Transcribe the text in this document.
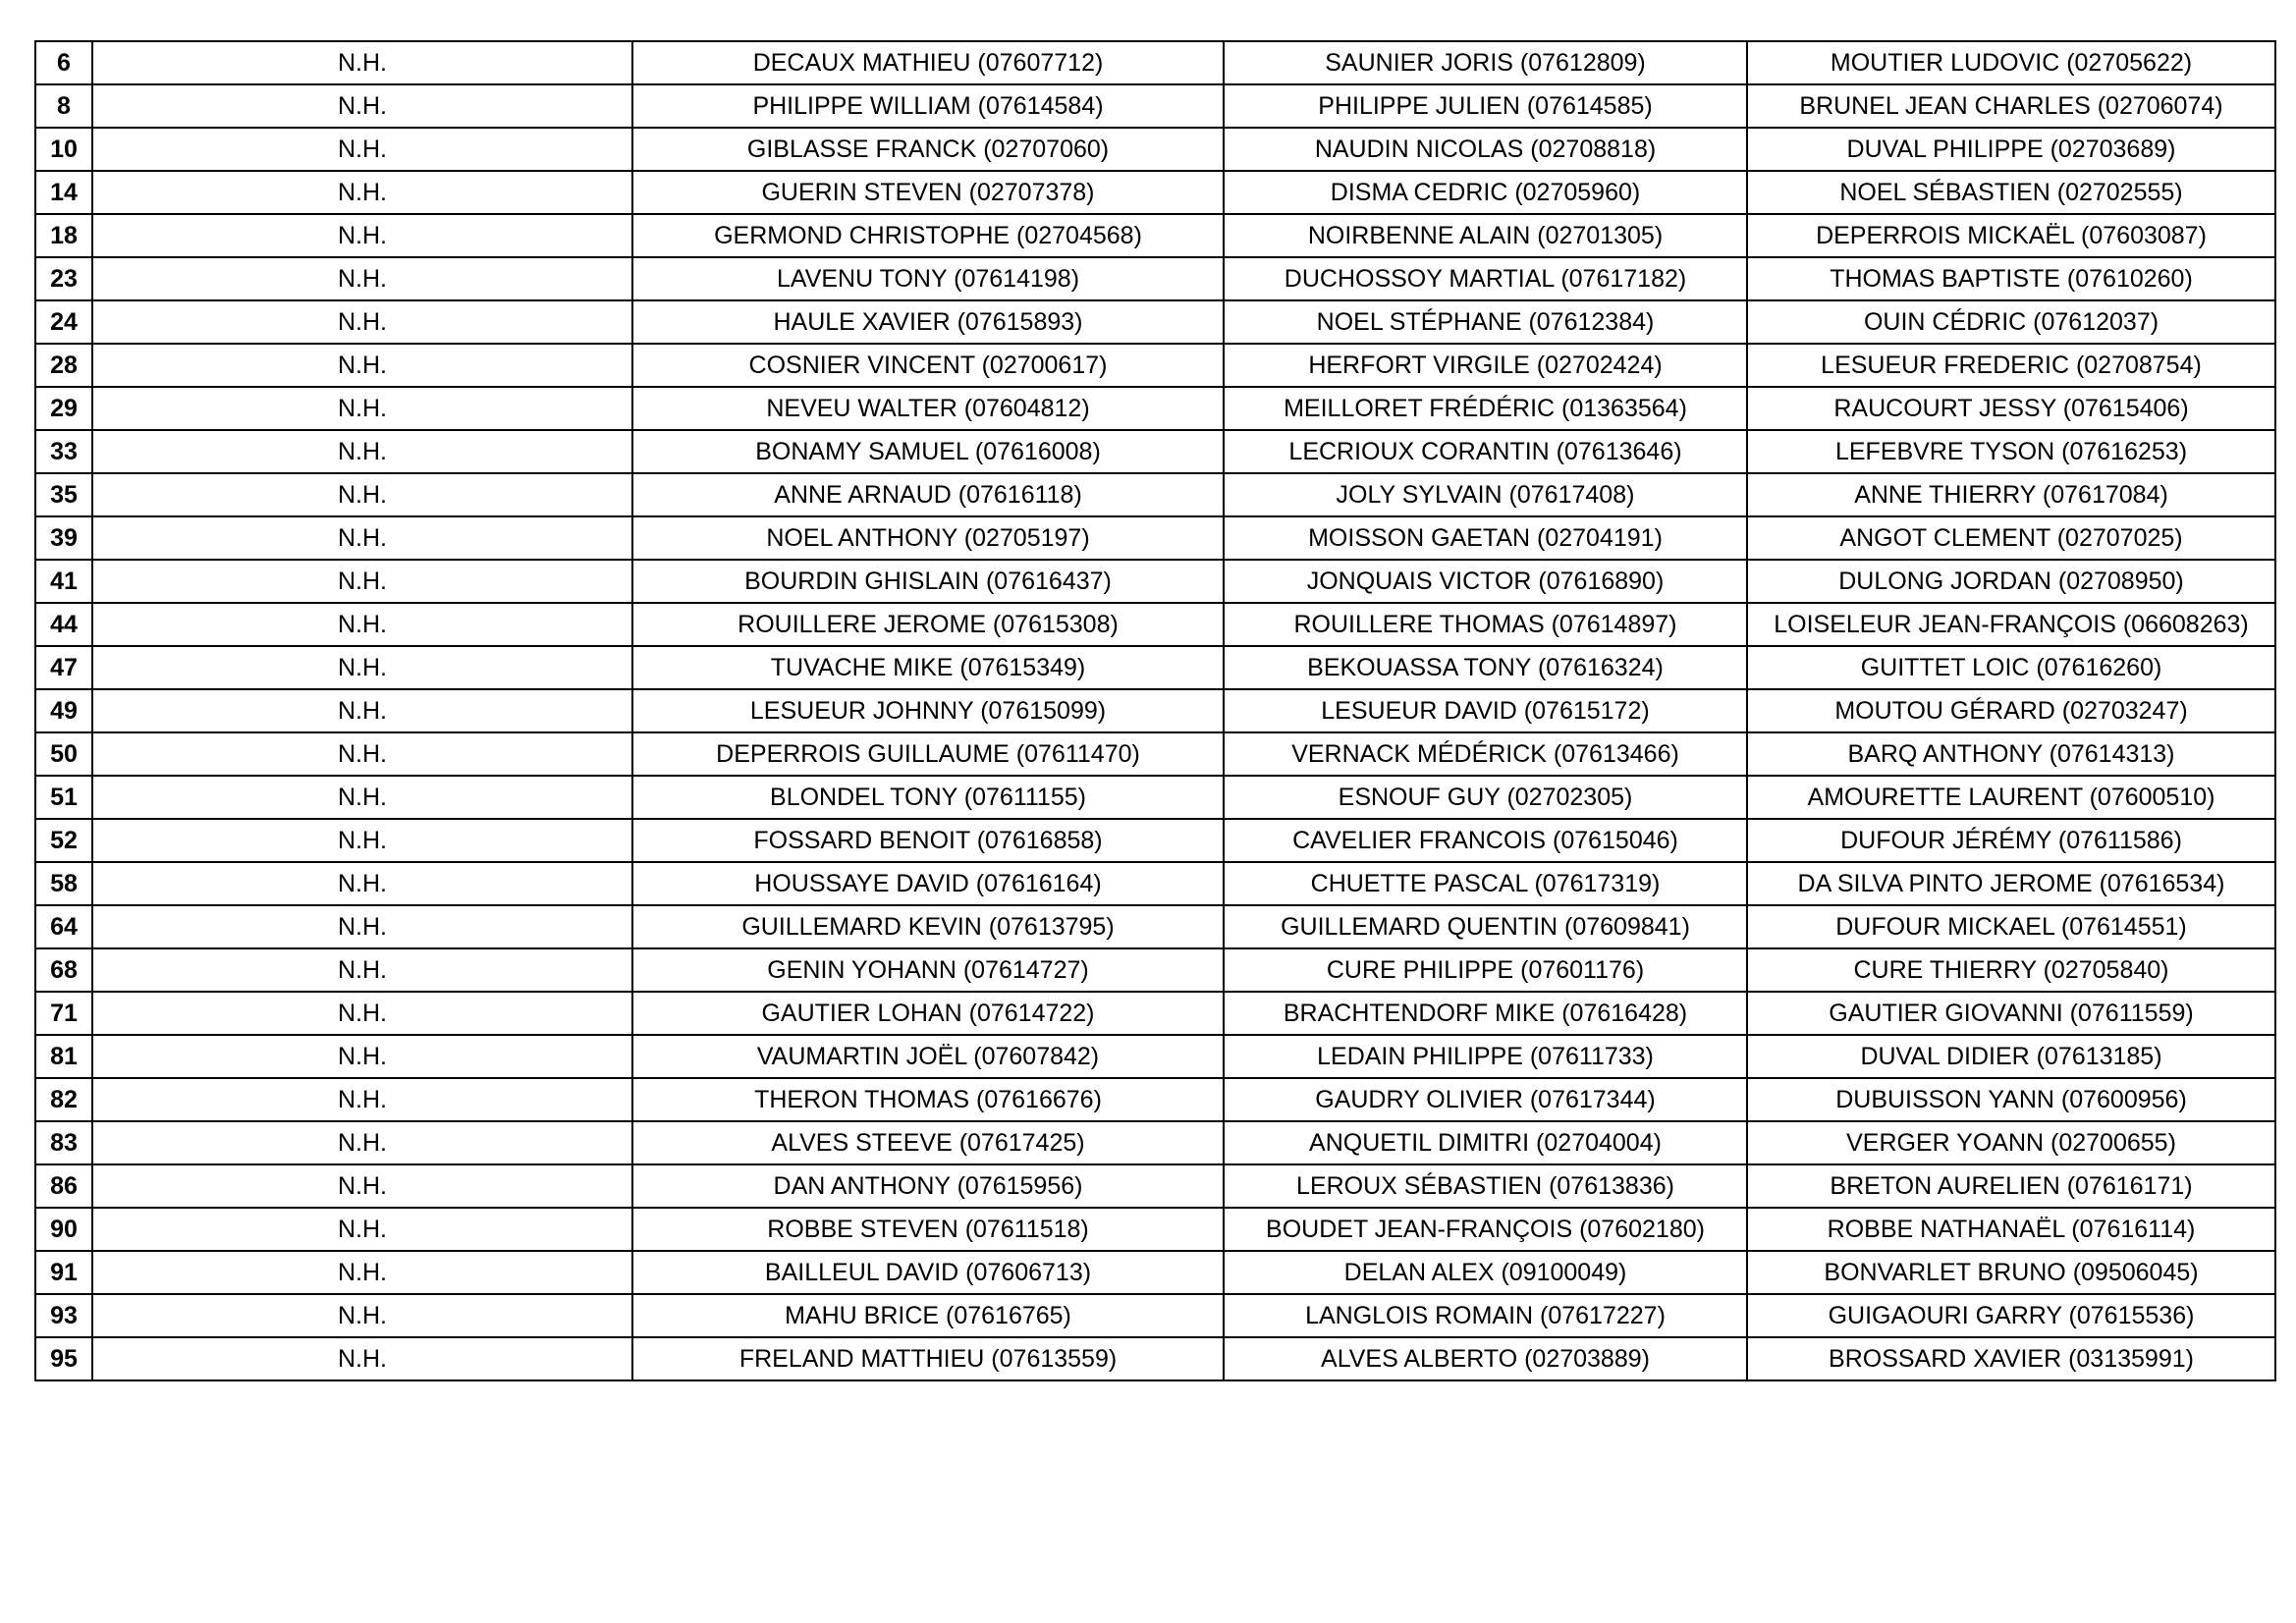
6	N.H.	DECAUX MATHIEU (07607712)	SAUNIER JORIS (07612809)	MOUTIER LUDOVIC (02705622)
8	N.H.	PHILIPPE WILLIAM (07614584)	PHILIPPE JULIEN (07614585)	BRUNEL JEAN CHARLES (02706074)
10	N.H.	GIBLASSE FRANCK (02707060)	NAUDIN NICOLAS (02708818)	DUVAL PHILIPPE (02703689)
14	N.H.	GUERIN STEVEN (02707378)	DISMA CEDRIC (02705960)	NOEL SÉBASTIEN (02702555)
18	N.H.	GERMOND CHRISTOPHE (02704568)	NOIRBENNE ALAIN (02701305)	DEPERROIS MICKAËL (07603087)
23	N.H.	LAVENU TONY (07614198)	DUCHOSSOY MARTIAL (07617182)	THOMAS BAPTISTE (07610260)
24	N.H.	HAULE XAVIER (07615893)	NOEL STÉPHANE (07612384)	OUIN CÉDRIC (07612037)
28	N.H.	COSNIER VINCENT (02700617)	HERFORT VIRGILE (02702424)	LESUEUR FREDERIC (02708754)
29	N.H.	NEVEU WALTER (07604812)	MEILLORET FRÉDÉRIC (01363564)	RAUCOURT JESSY (07615406)
33	N.H.	BONAMY SAMUEL (07616008)	LECRIOUX CORANTIN (07613646)	LEFEBVRE TYSON (07616253)
35	N.H.	ANNE ARNAUD (07616118)	JOLY SYLVAIN (07617408)	ANNE THIERRY (07617084)
39	N.H.	NOEL ANTHONY (02705197)	MOISSON GAETAN (02704191)	ANGOT CLEMENT (02707025)
41	N.H.	BOURDIN GHISLAIN (07616437)	JONQUAIS VICTOR (07616890)	DULONG JORDAN (02708950)
44	N.H.	ROUILLERE JEROME (07615308)	ROUILLERE THOMAS (07614897)	LOISELEUR JEAN-FRANÇOIS (06608263)
47	N.H.	TUVACHE MIKE (07615349)	BEKOUASSA TONY (07616324)	GUITTET LOIC (07616260)
49	N.H.	LESUEUR JOHNNY (07615099)	LESUEUR DAVID (07615172)	MOUTOU GÉRARD (02703247)
50	N.H.	DEPERROIS GUILLAUME (07611470)	VERNACK MÉDÉRICK (07613466)	BARQ ANTHONY (07614313)
51	N.H.	BLONDEL TONY (07611155)	ESNOUF GUY (02702305)	AMOURETTE LAURENT (07600510)
52	N.H.	FOSSARD BENOIT (07616858)	CAVELIER FRANCOIS (07615046)	DUFOUR JÉRÉMY (07611586)
58	N.H.	HOUSSAYE DAVID (07616164)	CHUETTE PASCAL (07617319)	DA SILVA PINTO JEROME (07616534)
64	N.H.	GUILLEMARD KEVIN (07613795)	GUILLEMARD QUENTIN (07609841)	DUFOUR MICKAEL (07614551)
68	N.H.	GENIN YOHANN (07614727)	CURE PHILIPPE (07601176)	CURE THIERRY (02705840)
71	N.H.	GAUTIER LOHAN (07614722)	BRACHTENDORF MIKE (07616428)	GAUTIER GIOVANNI (07611559)
81	N.H.	VAUMARTIN JOËL (07607842)	LEDAIN PHILIPPE (07611733)	DUVAL DIDIER (07613185)
82	N.H.	THERON THOMAS (07616676)	GAUDRY OLIVIER (07617344)	DUBUISSON YANN (07600956)
83	N.H.	ALVES STEEVE (07617425)	ANQUETIL DIMITRI (02704004)	VERGER YOANN (02700655)
86	N.H.	DAN ANTHONY (07615956)	LEROUX SÉBASTIEN (07613836)	BRETON AURELIEN (07616171)
90	N.H.	ROBBE STEVEN (07611518)	BOUDET JEAN-FRANÇOIS (07602180)	ROBBE NATHANAËL (07616114)
91	N.H.	BAILLEUL DAVID (07606713)	DELAN ALEX (09100049)	BONVARLET BRUNO (09506045)
93	N.H.	MAHU BRICE (07616765)	LANGLOIS ROMAIN (07617227)	GUIGAOURI GARRY (07615536)
95	N.H.	FRELAND MATTHIEU (07613559)	ALVES ALBERTO (02703889)	BROSSARD XAVIER (03135991)
